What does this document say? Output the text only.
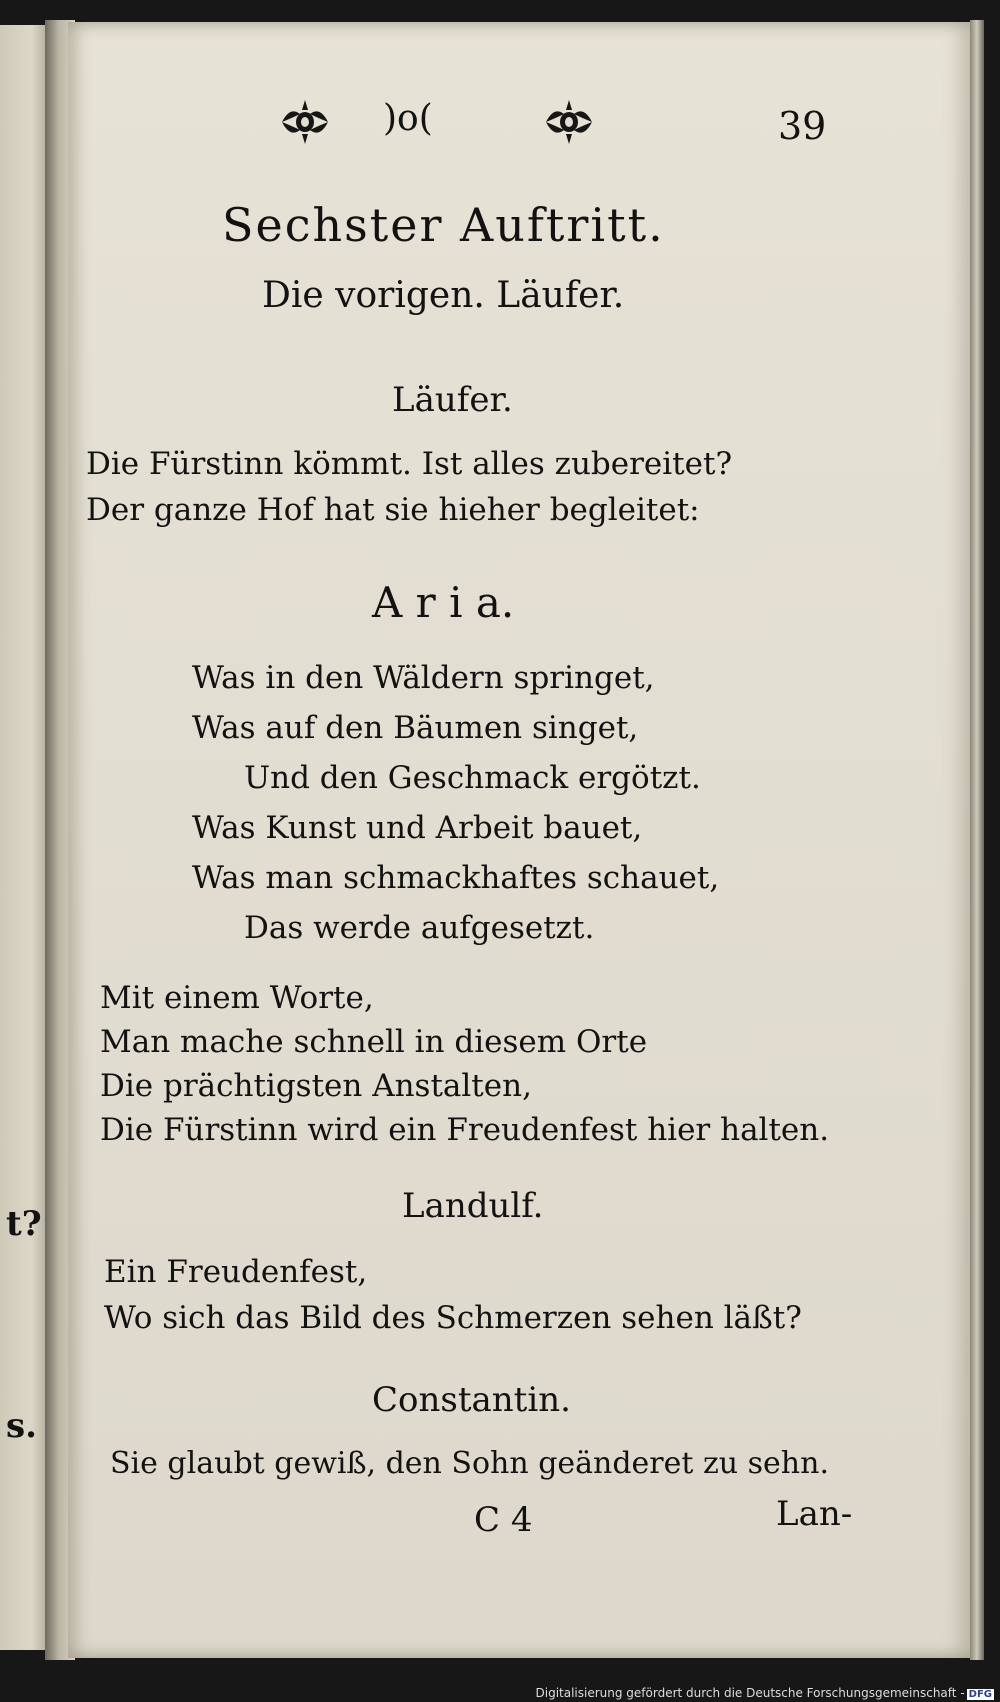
t?
s.
)o(	39
Sechster Auftritt.
Die vorigen. Läufer.
Läufer.
Die Fürstinn kömmt. Ist alles zubereitet?
Der ganze Hof hat sie hieher begleitet:
A r i a.
Was in den Wäldern springet,
Was auf den Bäumen singet,
Und den Geschmack ergötzt.
Was Kunst und Arbeit bauet,
Was man schmackhaftes schauet,
Das werde aufgesetzt.
Mit einem Worte,
Man mache schnell in diesem Orte
Die prächtigsten Anstalten,
Die Fürstinn wird ein Freudenfest hier halten.
Landulf.
Ein Freudenfest,
Wo sich das Bild des Schmerzen sehen läßt?
Constantin.
Sie glaubt gewiß, den Sohn geänderet zu sehn.
C 4	Lan-
Digitalisierung gefördert durch die Deutsche Forschungsgemeinschaft - DFG
